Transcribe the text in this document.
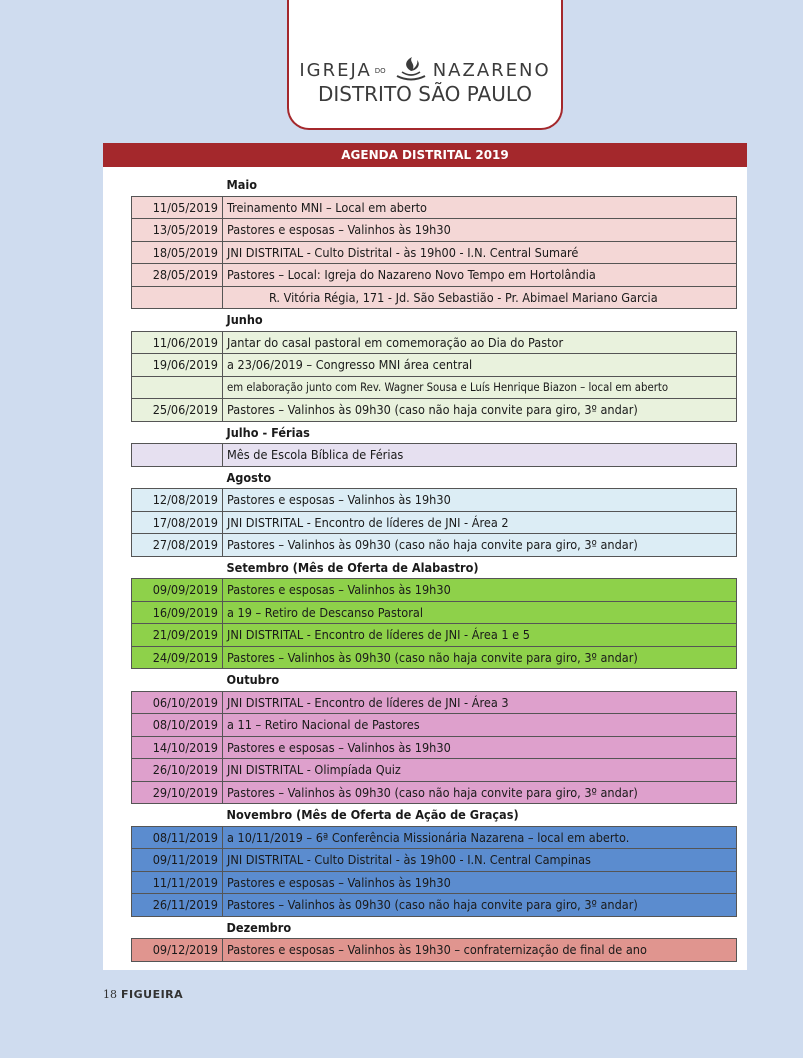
IGREJA DO	NAZARENO
DISTRITO SÃO PAULO
AGENDA DISTRITAL 2019
	Maio
11/05/2019	Treinamento MNI – Local em aberto
13/05/2019	Pastores e esposas – Valinhos às 19h30
18/05/2019	JNI DISTRITAL - Culto Distrital - às 19h00 - I.N. Central Sumaré
28/05/2019	Pastores – Local: Igreja do Nazareno Novo Tempo em Hortolândia
	R. Vitória Régia, 171 - Jd. São Sebastião - Pr. Abimael Mariano Garcia
	Junho
11/06/2019	Jantar do casal pastoral em comemoração ao Dia do Pastor
19/06/2019	a 23/06/2019 – Congresso MNI área central
	em elaboração junto com Rev. Wagner Sousa e Luís Henrique Biazon – local em aberto
25/06/2019	Pastores – Valinhos às 09h30 (caso não haja convite para giro, 3º andar)
	Julho - Férias
	Mês de Escola Bíblica de Férias
	Agosto
12/08/2019	Pastores e esposas – Valinhos às 19h30
17/08/2019	JNI DISTRITAL - Encontro de líderes de JNI - Área 2
27/08/2019	Pastores – Valinhos às 09h30 (caso não haja convite para giro, 3º andar)
	Setembro (Mês de Oferta de Alabastro)
09/09/2019	Pastores e esposas – Valinhos às 19h30
16/09/2019	a 19 – Retiro de Descanso Pastoral
21/09/2019	JNI DISTRITAL - Encontro de líderes de JNI - Área 1 e 5
24/09/2019	Pastores – Valinhos às 09h30 (caso não haja convite para giro, 3º andar)
	Outubro
06/10/2019	JNI DISTRITAL - Encontro de líderes de JNI - Área 3
08/10/2019	a 11 – Retiro Nacional de Pastores
14/10/2019	Pastores e esposas – Valinhos às 19h30
26/10/2019	JNI DISTRITAL - Olimpíada Quiz
29/10/2019	Pastores – Valinhos às 09h30 (caso não haja convite para giro, 3º andar)
	Novembro (Mês de Oferta de Ação de Graças)
08/11/2019	a 10/11/2019 – 6ª Conferência Missionária Nazarena – local em aberto.
09/11/2019	JNI DISTRITAL - Culto Distrital - às 19h00 - I.N. Central Campinas
11/11/2019	Pastores e esposas – Valinhos às 19h30
26/11/2019	Pastores – Valinhos às 09h30 (caso não haja convite para giro, 3º andar)
	Dezembro
09/12/2019	Pastores e esposas – Valinhos às 19h30 – confraternização de final de ano
18 FIGUEIRA
